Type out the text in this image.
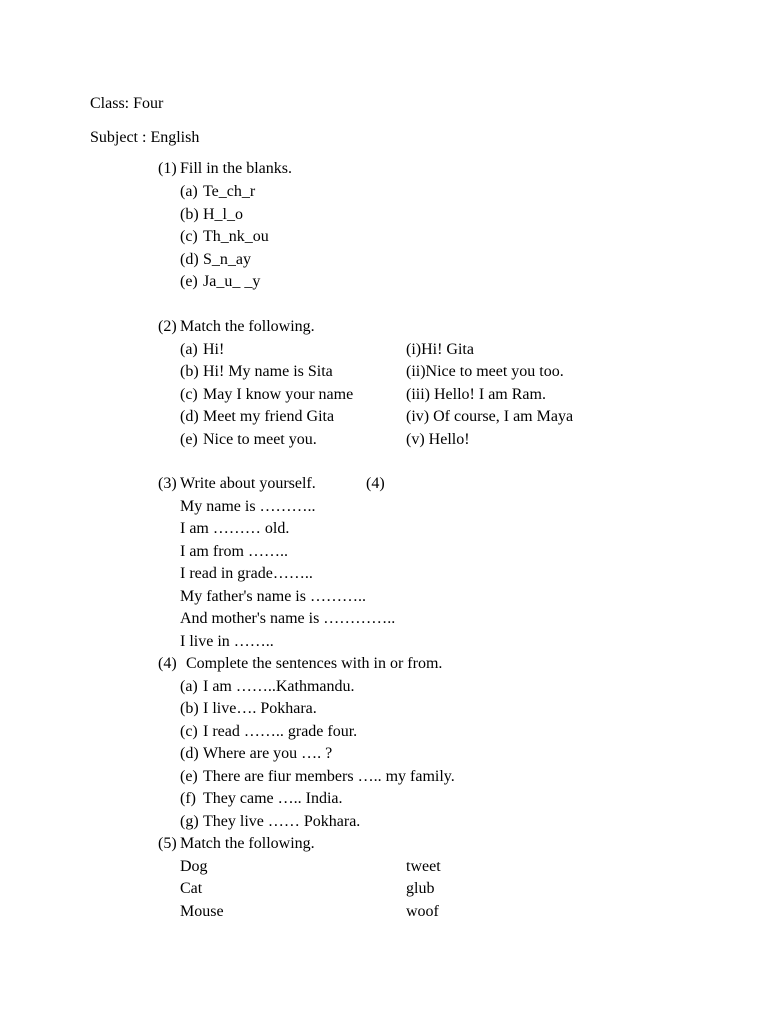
Class: Four
Subject : English
(1) Fill in the blanks.
(a) Te_ch_r
(b) H_l_o
(c) Th_nk_ou
(d) S_n_ay
(e) Ja_u_ _y
(2) Match the following.
(a) Hi!	(i)Hi! Gita
(b) Hi! My name is Sita	(ii)Nice to meet you too.
(c) May I know your name	(iii) Hello! I am Ram.
(d) Meet my friend Gita	(iv) Of course, I am Maya
(e) Nice to meet you.	(v) Hello!
(3) Write about yourself.	(4)
My name is ………..
I am ……… old.
I am from ……..
I read in grade……..
My father's name is ………..
And mother's name is …………..
I live in ……..
(4) Complete the sentences with in or from.
(a) I am ……..Kathmandu.
(b) I live…. Pokhara.
(c) I read …….. grade four.
(d) Where are you …. ?
(e) There are fiur members ….. my family.
(f) They came ….. India.
(g) They live …… Pokhara.
(5) Match the following.
Dog	tweet
Cat	glub
Mouse	woof
